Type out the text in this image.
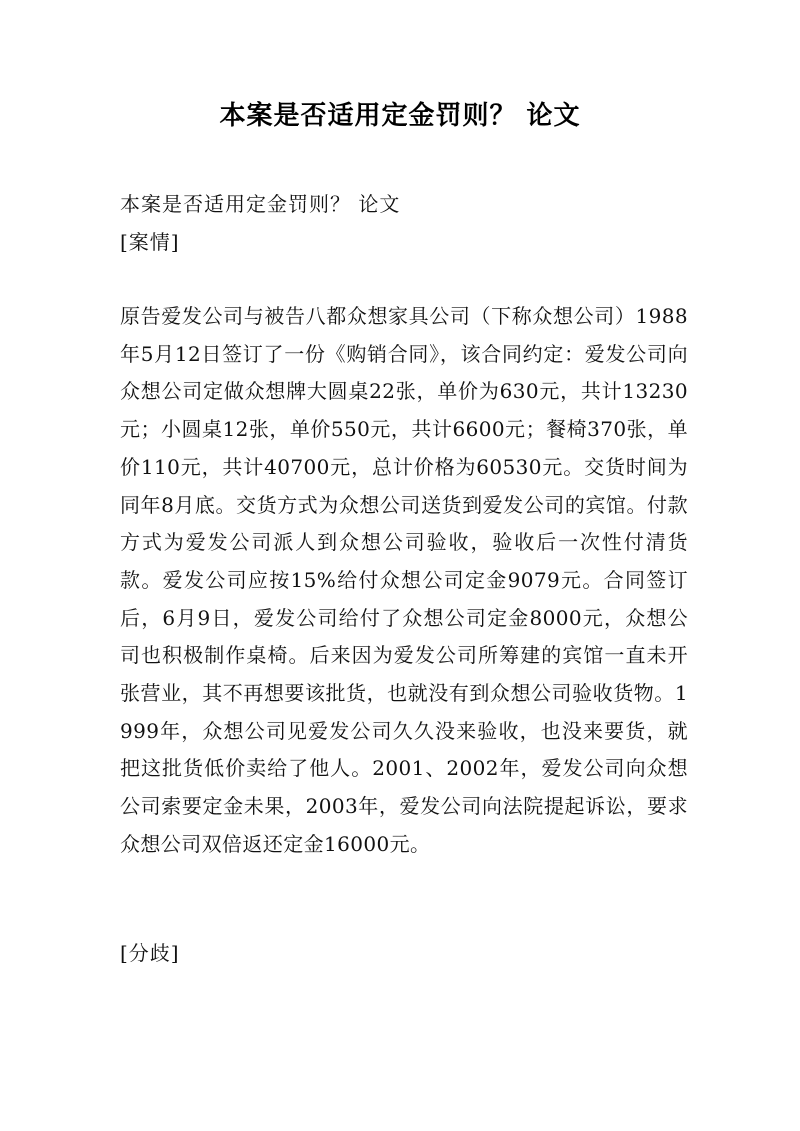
本案是否适用定金罚则？ 论文

本案是否适用定金罚则？ 论文

[案情]

原告爱发公司与被告八都众想家具公司（下称众想公司）1988年5月12日签订了一份《购销合同》，该合同约定：爱发公司向众想公司定做众想牌大圆桌22张，单价为630元，共计13230元；小圆桌12张，单价550元，共计6600元；餐椅370张，单价110元，共计40700元，总计价格为60530元。交货时间为同年8月底。交货方式为众想公司送货到爱发公司的宾馆。付款方式为爱发公司派人到众想公司验收，验收后一次性付清货款。爱发公司应按15%给付众想公司定金9079元。合同签订后，6月9日，爱发公司给付了众想公司定金8000元，众想公司也积极制作桌椅。后来因为爱发公司所筹建的宾馆一直未开张营业，其不再想要该批货，也就没有到众想公司验收货物。1999年，众想公司见爱发公司久久没来验收，也没来要货，就把这批货低价卖给了他人。2001、2002年，爱发公司向众想公司索要定金未果，2003年，爱发公司向法院提起诉讼，要求众想公司双倍返还定金16000元。

[分歧]
